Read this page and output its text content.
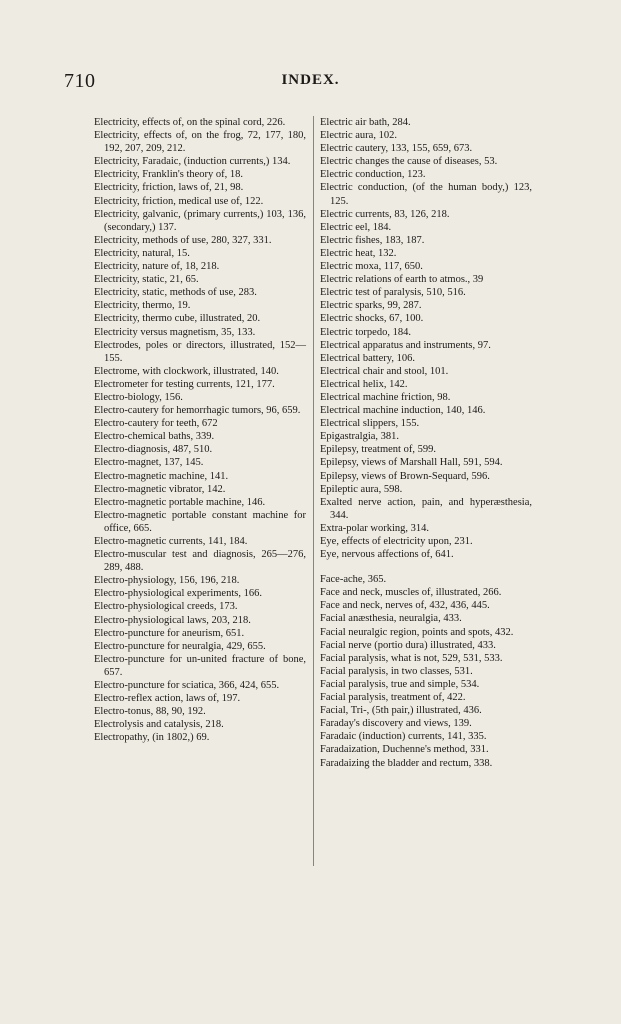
710	INDEX.

Electricity, effects of, on the spinal cord, 226.

Electricity, effects of, on the frog, 72, 177, 180, 192, 207, 209, 212.

Electricity, Faradaic, (induction currents,) 134.

Electricity, Franklin's theory of, 18.

Electricity, friction, laws of, 21, 98.

Electricity, friction, medical use of, 122.

Electricity, galvanic, (primary currents,) 103, 136, (secondary,) 137.

Electricity, methods of use, 280, 327, 331.

Electricity, natural, 15.

Electricity, nature of, 18, 218.

Electricity, static, 21, 65.

Electricity, static, methods of use, 283.

Electricity, thermo, 19.

Electricity, thermo cube, illustrated, 20.

Electricity versus magnetism, 35, 133.

Electrodes, poles or directors, illustrated, 152—155.

Electrome, with clockwork, illustrated, 140.

Electrometer for testing currents, 121, 177.

Electro-biology, 156.

Electro-cautery for hemorrhagic tumors, 96, 659.

Electro-cautery for teeth, 672

Electro-chemical baths, 339.

Electro-diagnosis, 487, 510.

Electro-magnet, 137, 145.

Electro-magnetic machine, 141.

Electro-magnetic vibrator, 142.

Electro-magnetic portable machine, 146.

Electro-magnetic portable constant machine for office, 665.

Electro-magnetic currents, 141, 184.

Electro-muscular test and diagnosis, 265—276, 289, 488.

Electro-physiology, 156, 196, 218.

Electro-physiological experiments, 166.

Electro-physiological creeds, 173.

Electro-physiological laws, 203, 218.

Electro-puncture for aneurism, 651.

Electro-puncture for neuralgia, 429, 655.

Electro-puncture for un-united fracture of bone, 657.

Electro-puncture for sciatica, 366, 424, 655.

Electro-reflex action, laws of, 197.

Electro-tonus, 88, 90, 192.

Electrolysis and catalysis, 218.

Electropathy, (in 1802,) 69.

Electric air bath, 284.

Electric aura, 102.

Electric cautery, 133, 155, 659, 673.

Electric changes the cause of diseases, 53.

Electric conduction, 123.

Electric conduction, (of the human body,) 123, 125.

Electric currents, 83, 126, 218.

Electric eel, 184.

Electric fishes, 183, 187.

Electric heat, 132.

Electric moxa, 117, 650.

Electric relations of earth to atmos., 39

Electric test of paralysis, 510, 516.

Electric sparks, 99, 287.

Electric shocks, 67, 100.

Electric torpedo, 184.

Electrical apparatus and instruments, 97.

Electrical battery, 106.

Electrical chair and stool, 101.

Electrical helix, 142.

Electrical machine friction, 98.

Electrical machine induction, 140, 146.

Electrical slippers, 155.

Epigastralgia, 381.

Epilepsy, treatment of, 599.

Epilepsy, views of Marshall Hall, 591, 594.

Epilepsy, views of Brown-Sequard, 596.

Epileptic aura, 598.

Exalted nerve action, pain, and hyperæsthesia, 344.

Extra-polar working, 314.

Eye, effects of electricity upon, 231.

Eye, nervous affections of, 641.

Face-ache, 365.

Face and neck, muscles of, illustrated, 266.

Face and neck, nerves of, 432, 436, 445.

Facial anæsthesia, neuralgia, 433.

Facial neuralgic region, points and spots, 432.

Facial nerve (portio dura) illustrated, 433.

Facial paralysis, what is not, 529, 531, 533.

Facial paralysis, in two classes, 531.

Facial paralysis, true and simple, 534.

Facial paralysis, treatment of, 422.

Facial, Tri-, (5th pair,) illustrated, 436.

Faraday's discovery and views, 139.

Faradaic (induction) currents, 141, 335.

Faradaization, Duchenne's method, 331.

Faradaizing the bladder and rectum, 338.
